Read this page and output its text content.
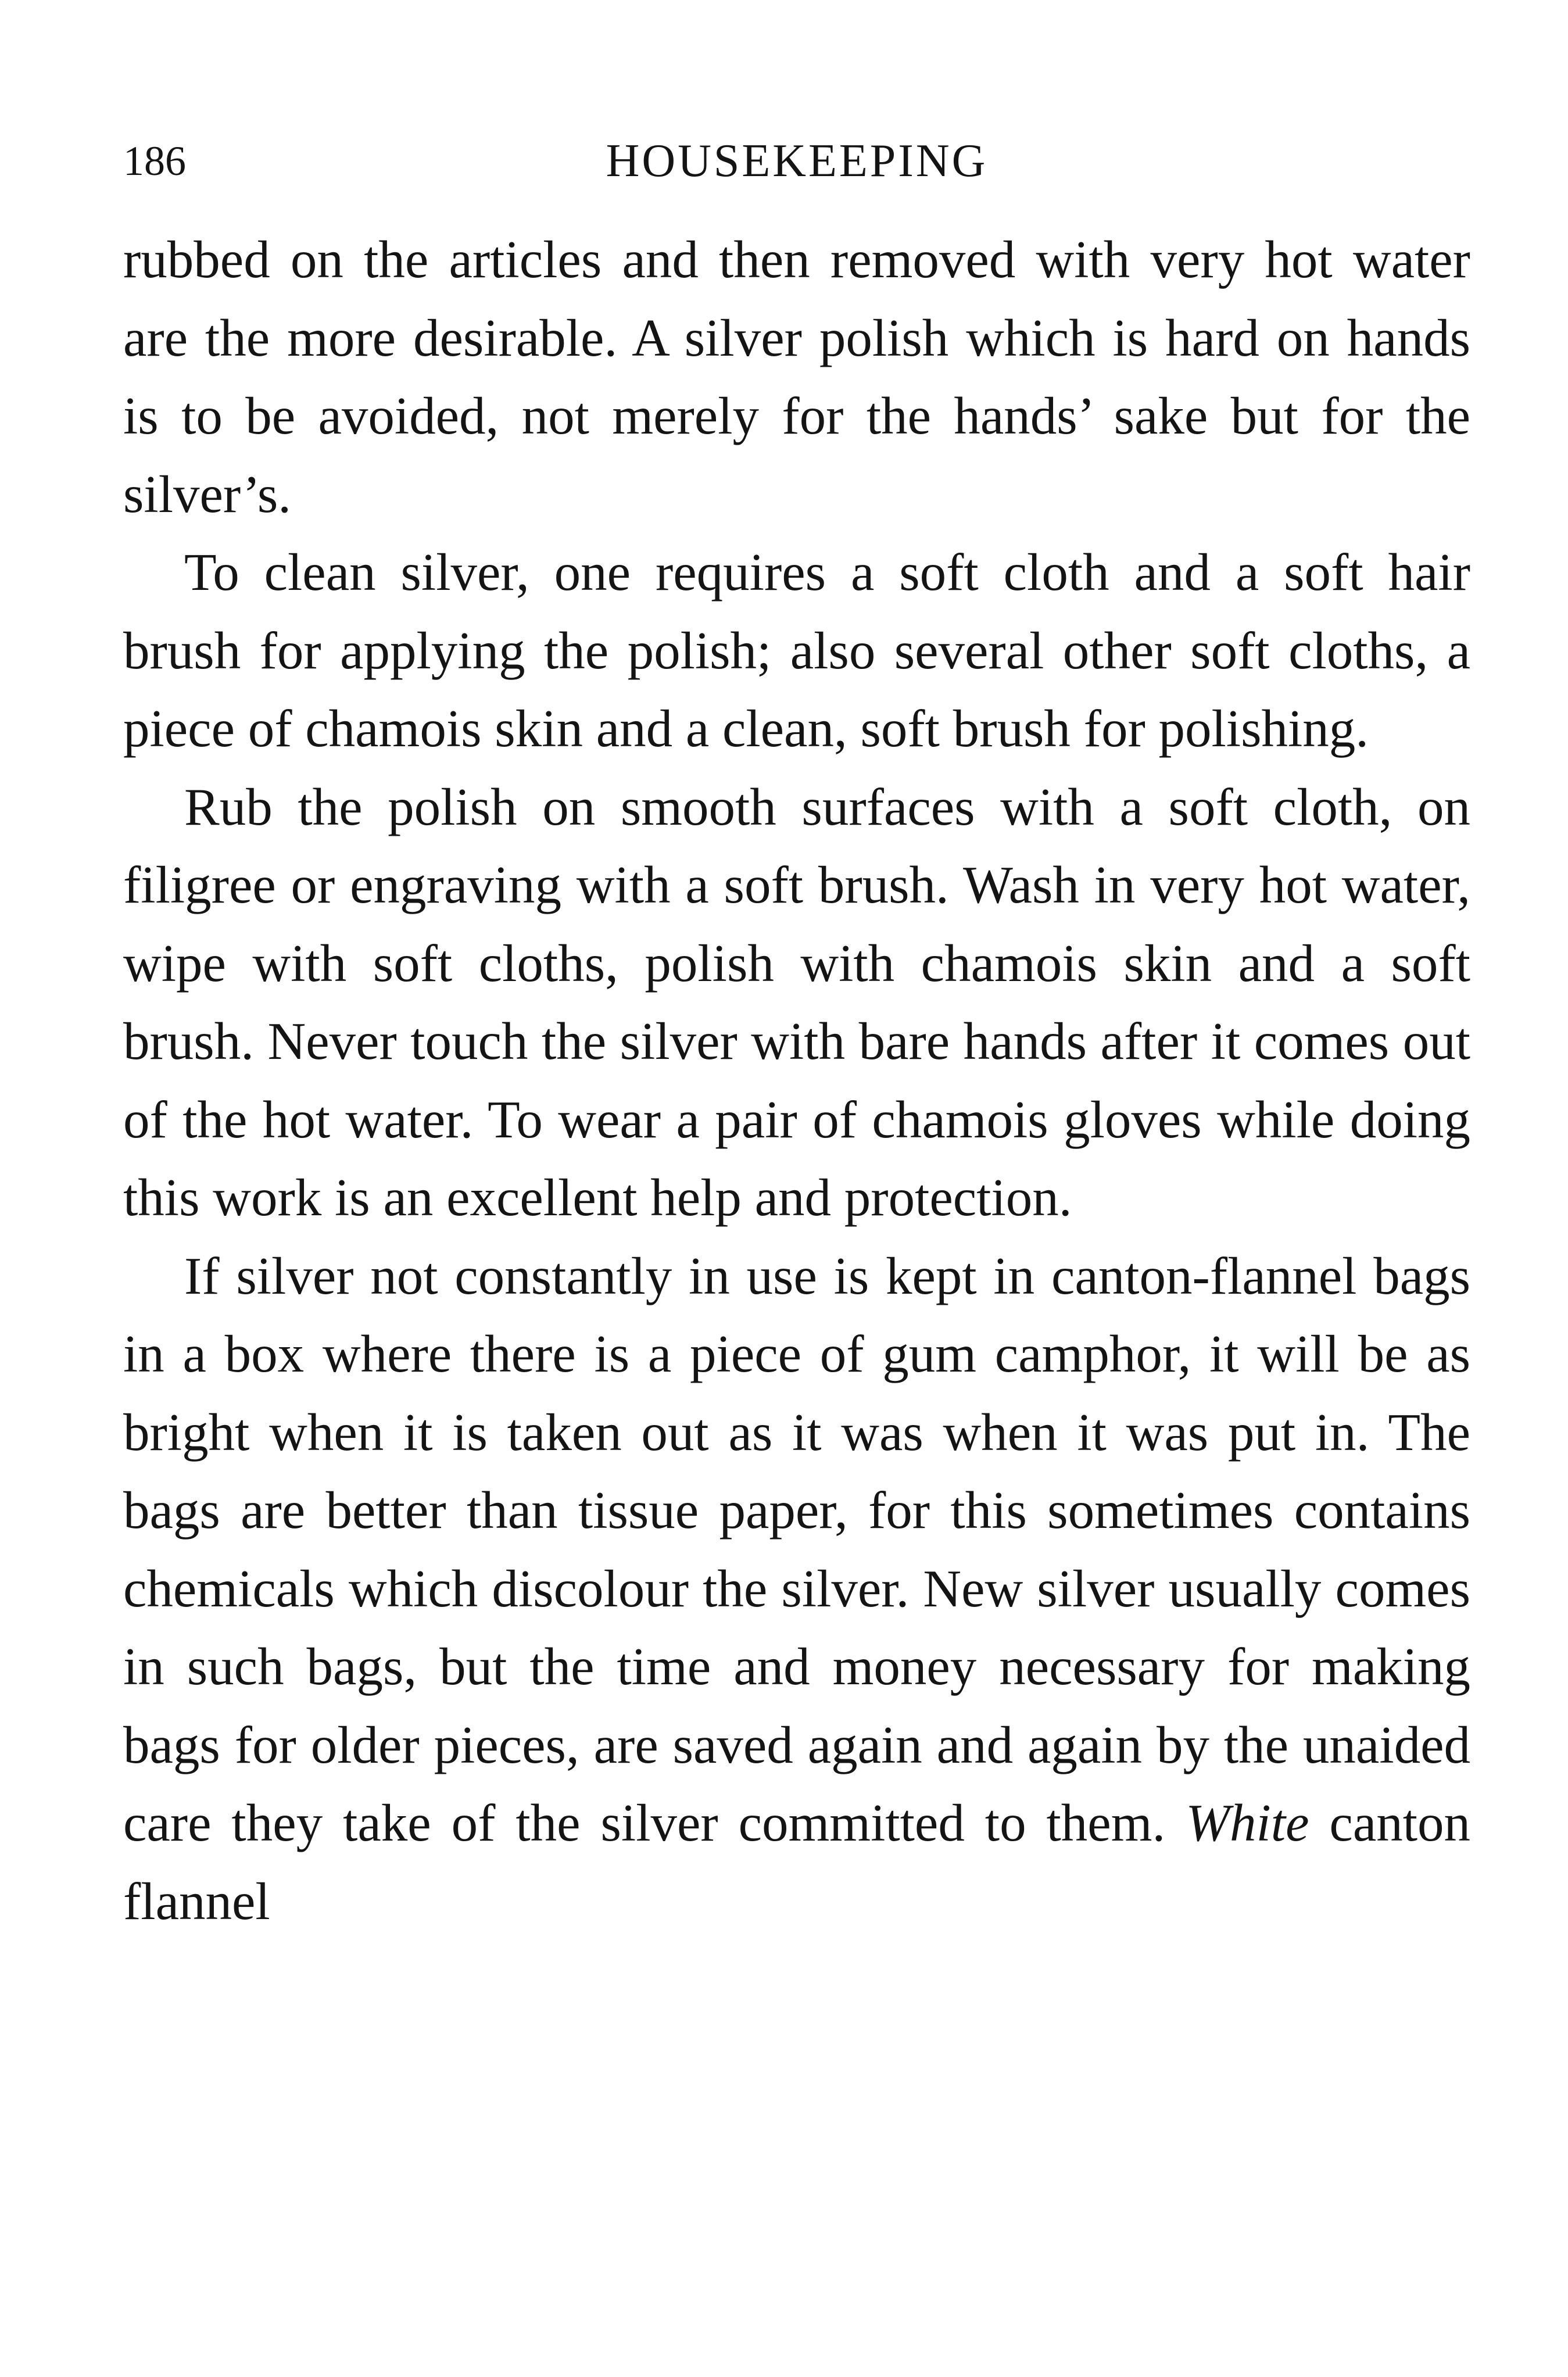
186	HOUSEKEEPING

rubbed on the articles and then removed with very hot water are the more desirable. A silver polish which is hard on hands is to be avoided, not merely for the hands’ sake but for the silver’s.

To clean silver, one requires a soft cloth and a soft hair brush for applying the polish; also several other soft cloths, a piece of chamois skin and a clean, soft brush for polishing.

Rub the polish on smooth surfaces with a soft cloth, on filigree or engraving with a soft brush. Wash in very hot water, wipe with soft cloths, polish with chamois skin and a soft brush. Never touch the silver with bare hands after it comes out of the hot water. To wear a pair of chamois gloves while doing this work is an excellent help and protection.

If silver not constantly in use is kept in canton-flannel bags in a box where there is a piece of gum camphor, it will be as bright when it is taken out as it was when it was put in. The bags are better than tissue paper, for this sometimes contains chemicals which discolour the silver. New silver usually comes in such bags, but the time and money necessary for making bags for older pieces, are saved again and again by the unaided care they take of the silver committed to them. White canton flannel
